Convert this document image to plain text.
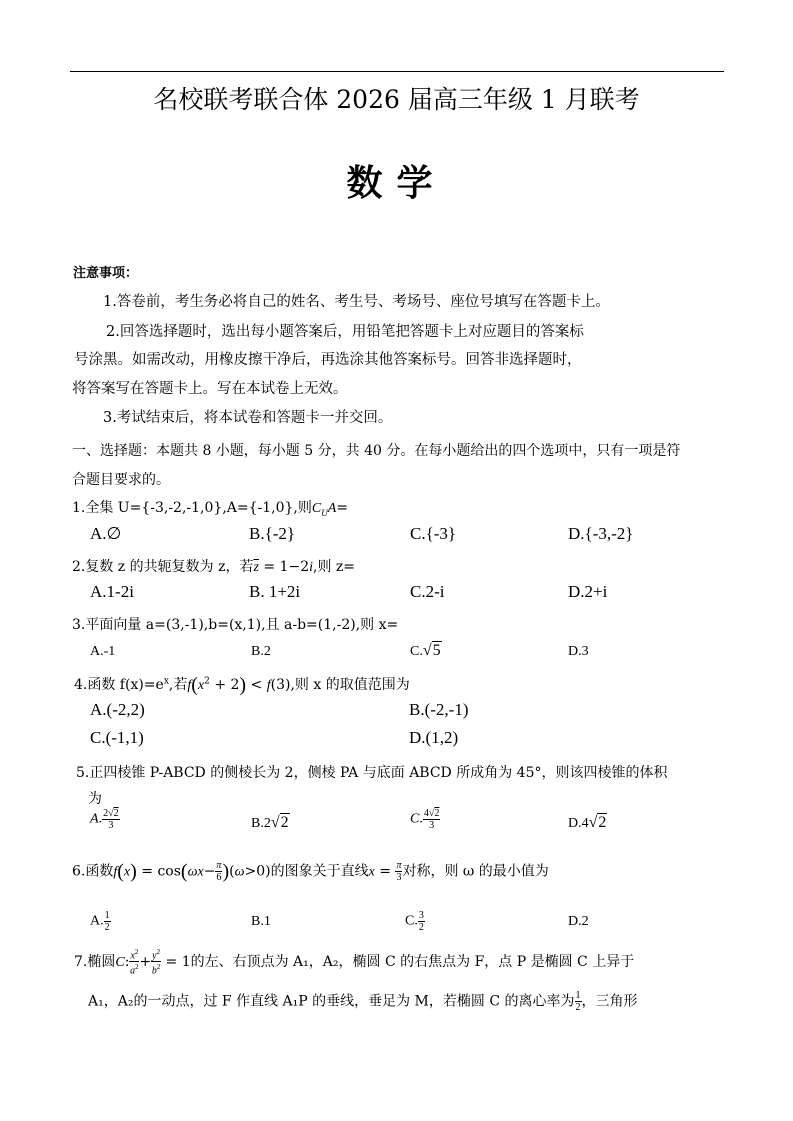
名校联考联合体 2026 届高三年级 1 月联考
数学
注意事项：
1.答卷前，考生务必将自己的姓名、考生号、考场号、座位号填写在答题卡上。
2.回答选择题时，选出每小题答案后，用铅笔把答题卡上对应题目的答案标
号涂黑。如需改动，用橡皮擦干净后，再选涂其他答案标号。回答非选择题时，
将答案写在答题卡上。写在本试卷上无效。
3.考试结束后，将本试卷和答题卡一并交回。
一、选择题：本题共 8 小题，每小题 5 分，共 40 分。在每小题给出的四个选项中，只有一项是符
合题目要求的。
1.全集 U={-3,-2,-1,0},A={-1,0},则$C_UA=$
A.∅	B.{-2}	C.{-3}	D.{-3,-2}
2.复数 z 的共轭复数为 z，若$\overline{z} = 1-2i$,则 z=
A.1-2i	B. 1+2i	C.2-i	D.2+i
3.平面向量 a=(3,-1),b=(x,1),且 a-b=(1,-2),则 x=
A.-1	B.2	C.√5	D.3
4.函数 $f(x)=e^x$,若$f(x^2 + 2) < f(3)$,则 x 的取值范围为
A.(-2,2)	B.(-2,-1)
C.(-1,1)	D.(1,2)
5.正四棱锥 P-ABCD 的侧棱长为 2，侧棱 PA 与底面 ABCD 所成角为 45°，则该四棱锥的体积
为
A. $\frac{2√2}{3}$	B.2√2	C. $\frac{4√2}{3}$	D.4√2
6.函数$f(x) = \cos(\omega x- \frac{\pi}{6} )(\omega>0)$的图象关于直线$x = \frac{\pi}{3}$ 对称，则 ω 的最小值为
A. $\frac{1}{2}$	B.1	C. $\frac{3}{2}$	D.2
7.椭圆C: $\frac{x^2}{a^2} + \frac{y^2}{b^2} = 1$的左、右顶点为 A₁，A₂，椭圆 C 的右焦点为 F，点 P 是椭圆 C 上异于
A₁，A₂的一动点，过 F 作直线 A₁P 的垂线，垂足为 M，若椭圆 C 的离心率为 $\frac{1}{2}$ ，三角形
